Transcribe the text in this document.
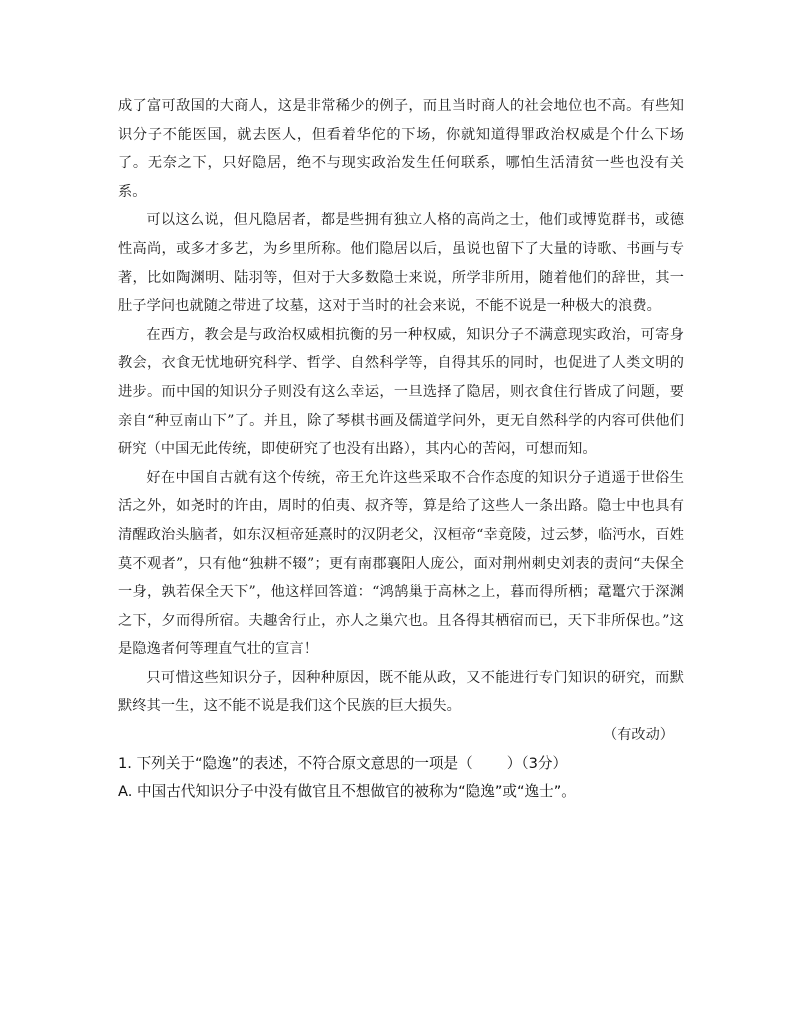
成了富可敌国的大商人，这是非常稀少的例子，而且当时商人的社会地位也不高。有些知识分子不能医国，就去医人，但看着华佗的下场，你就知道得罪政治权威是个什么下场了。无奈之下，只好隐居，绝不与现实政治发生任何联系，哪怕生活清贫一些也没有关系。

可以这么说，但凡隐居者，都是些拥有独立人格的高尚之士，他们或博览群书，或德性高尚，或多才多艺，为乡里所称。他们隐居以后，虽说也留下了大量的诗歌、书画与专著，比如陶渊明、陆羽等，但对于大多数隐士来说，所学非所用，随着他们的辞世，其一肚子学问也就随之带进了坟墓，这对于当时的社会来说，不能不说是一种极大的浪费。

在西方，教会是与政治权威相抗衡的另一种权威，知识分子不满意现实政治，可寄身教会，衣食无忧地研究科学、哲学、自然科学等，自得其乐的同时，也促进了人类文明的进步。而中国的知识分子则没有这么幸运，一旦选择了隐居，则衣食住行皆成了问题，要亲自“种豆南山下”了。并且，除了琴棋书画及儒道学问外，更无自然科学的内容可供他们研究（中国无此传统，即使研究了也没有出路），其内心的苦闷，可想而知。

好在中国自古就有这个传统，帝王允许这些采取不合作态度的知识分子逍遥于世俗生活之外，如尧时的许由，周时的伯夷、叔齐等，算是给了这些人一条出路。隐士中也具有清醒政治头脑者，如东汉桓帝延熹时的汉阴老父，汉桓帝“幸竟陵，过云梦，临沔水，百姓莫不观者”，只有他“独耕不辍”；更有南郡襄阳人庞公，面对荆州刺史刘表的责问“夫保全一身，孰若保全天下”，他这样回答道：“鸿鹄巢于高林之上，暮而得所栖；鼋鼍穴于深渊之下，夕而得所宿。夫趣舍行止，亦人之巢穴也。且各得其栖宿而已，天下非所保也。”这是隐逸者何等理直气壮的宣言！

只可惜这些知识分子，因种种原因，既不能从政，又不能进行专门知识的研究，而默默终其一生，这不能不说是我们这个民族的巨大损失。

（有改动）

1. 下列关于“隐逸”的表述，不符合原文意思的一项是（ ）（3分）

A. 中国古代知识分子中没有做官且不想做官的被称为“隐逸”或“逸士”。
